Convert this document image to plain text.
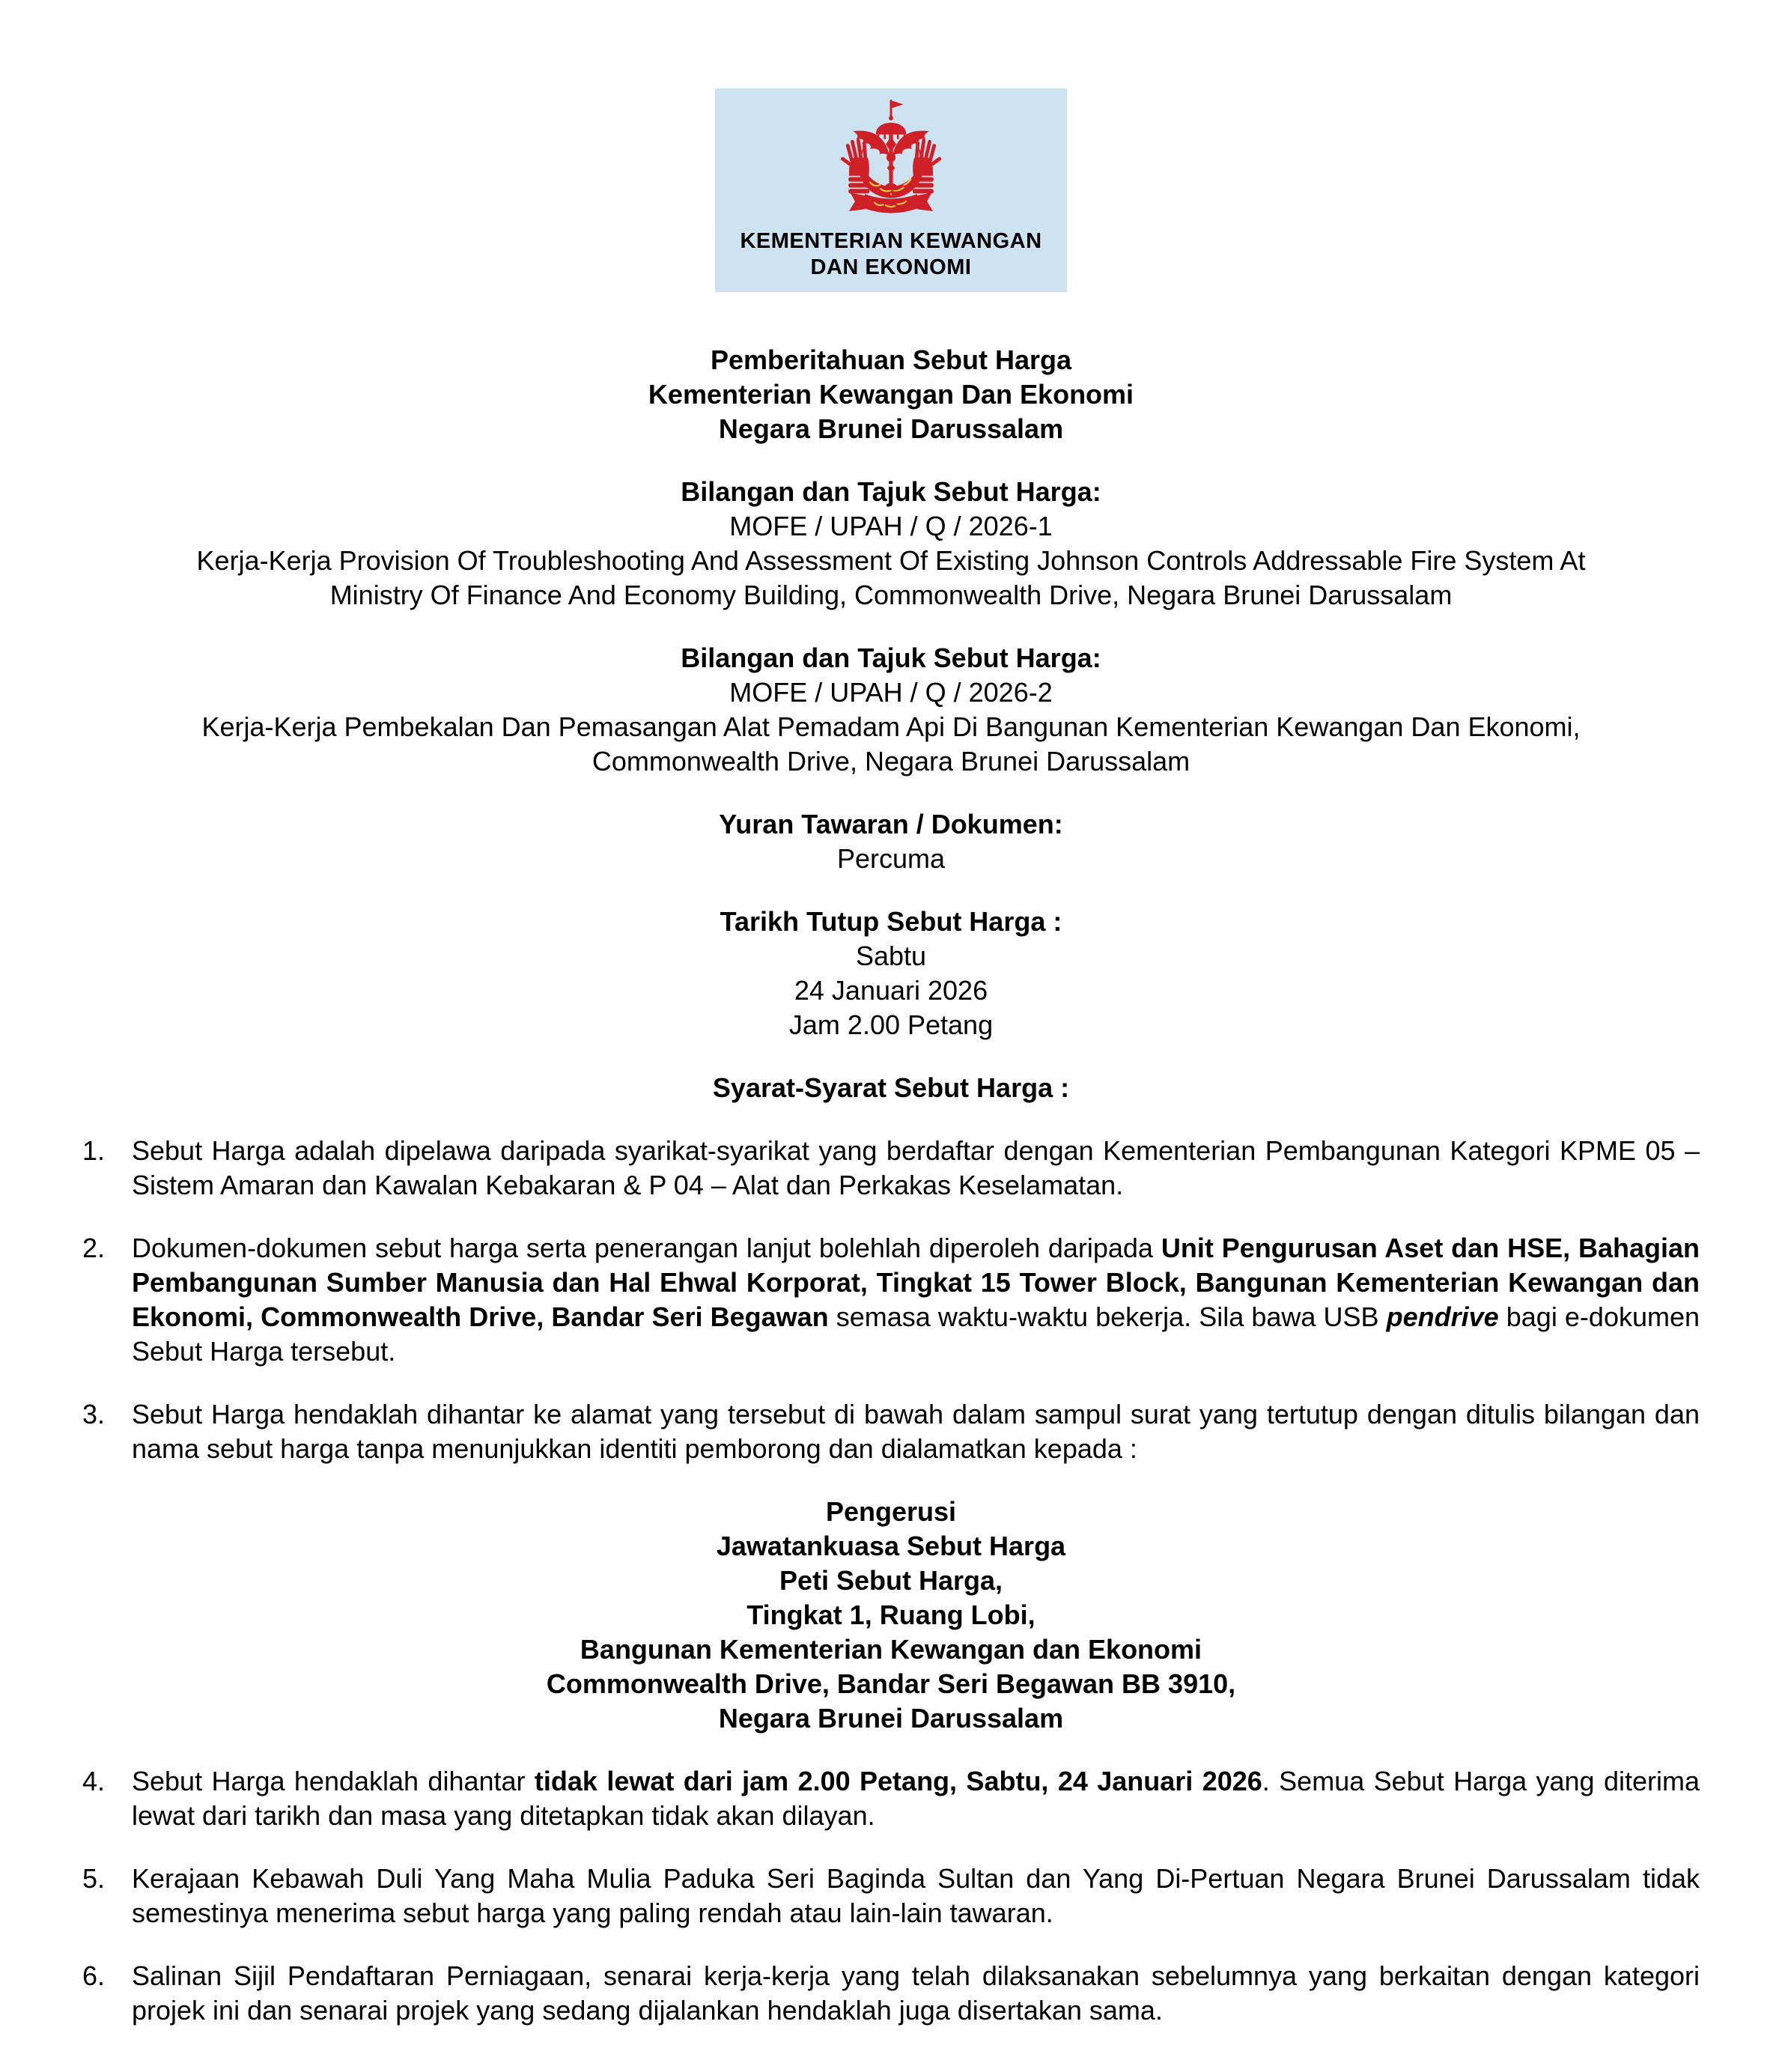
KEMENTERIAN KEWANGAN
DAN EKONOMI
Pemberitahuan Sebut Harga
Kementerian Kewangan Dan Ekonomi
Negara Brunei Darussalam
Bilangan dan Tajuk Sebut Harga:
MOFE / UPAH / Q / 2026-1
Kerja-Kerja Provision Of Troubleshooting And Assessment Of Existing Johnson Controls Addressable Fire System At
Ministry Of Finance And Economy Building, Commonwealth Drive, Negara Brunei Darussalam
Bilangan dan Tajuk Sebut Harga:
MOFE / UPAH / Q / 2026-2
Kerja-Kerja Pembekalan Dan Pemasangan Alat Pemadam Api Di Bangunan Kementerian Kewangan Dan Ekonomi,
Commonwealth Drive, Negara Brunei Darussalam
Yuran Tawaran / Dokumen:
Percuma
Tarikh Tutup Sebut Harga :
Sabtu
24 Januari 2026
Jam 2.00 Petang
Syarat-Syarat Sebut Harga :
1. Sebut Harga adalah dipelawa daripada syarikat-syarikat yang berdaftar dengan Kementerian Pembangunan Kategori KPME 05 – Sistem Amaran dan Kawalan Kebakaran & P 04 – Alat dan Perkakas Keselamatan.
2. Dokumen-dokumen sebut harga serta penerangan lanjut bolehlah diperoleh daripada Unit Pengurusan Aset dan HSE, Bahagian Pembangunan Sumber Manusia dan Hal Ehwal Korporat, Tingkat 15 Tower Block, Bangunan Kementerian Kewangan dan Ekonomi, Commonwealth Drive, Bandar Seri Begawan semasa waktu-waktu bekerja. Sila bawa USB pendrive bagi e-dokumen Sebut Harga tersebut.
3. Sebut Harga hendaklah dihantar ke alamat yang tersebut di bawah dalam sampul surat yang tertutup dengan ditulis bilangan dan nama sebut harga tanpa menunjukkan identiti pemborong dan dialamatkan kepada :
Pengerusi
Jawatankuasa Sebut Harga
Peti Sebut Harga,
Tingkat 1, Ruang Lobi,
Bangunan Kementerian Kewangan dan Ekonomi
Commonwealth Drive, Bandar Seri Begawan BB 3910,
Negara Brunei Darussalam
4. Sebut Harga hendaklah dihantar tidak lewat dari jam 2.00 Petang, Sabtu, 24 Januari 2026. Semua Sebut Harga yang diterima lewat dari tarikh dan masa yang ditetapkan tidak akan dilayan.
5. Kerajaan Kebawah Duli Yang Maha Mulia Paduka Seri Baginda Sultan dan Yang Di-Pertuan Negara Brunei Darussalam tidak semestinya menerima sebut harga yang paling rendah atau lain-lain tawaran.
6. Salinan Sijil Pendaftaran Perniagaan, senarai kerja-kerja yang telah dilaksanakan sebelumnya yang berkaitan dengan kategori projek ini dan senarai projek yang sedang dijalankan hendaklah juga disertakan sama.
